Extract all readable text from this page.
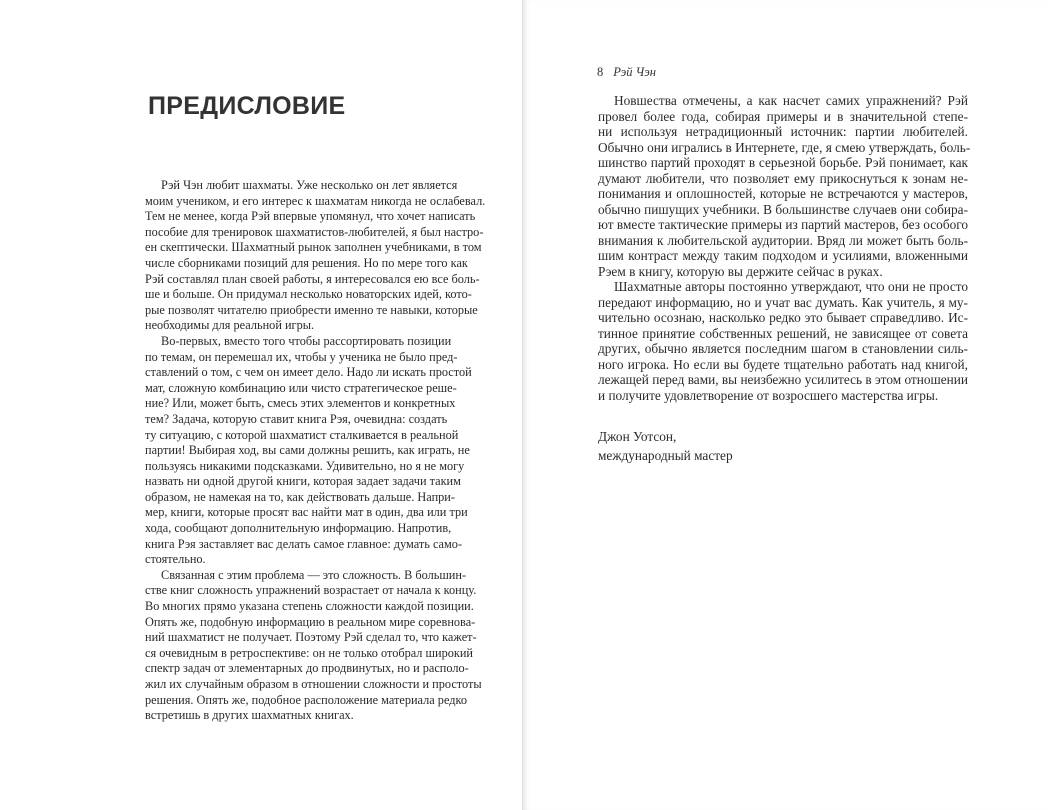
ПРЕДИСЛОВИЕ
Рэй Чэн любит шахматы. Уже несколько он лет является
моим учеником, и его интерес к шахматам никогда не ослабевал.
Тем не менее, когда Рэй впервые упомянул, что хочет написать
пособие для тренировок шахматистов-любителей, я был настро-
ен скептически. Шахматный рынок заполнен учебниками, в том
числе сборниками позиций для решения. Но по мере того как
Рэй составлял план своей работы, я интересовался ею все боль-
ше и больше. Он придумал несколько новаторских идей, кото-
рые позволят читателю приобрести именно те навыки, которые
необходимы для реальной игры.
Во-первых, вместо того чтобы рассортировать позиции
по темам, он перемешал их, чтобы у ученика не было пред-
ставлений о том, с чем он имеет дело. Надо ли искать простой
мат, сложную комбинацию или чисто стратегическое реше-
ние? Или, может быть, смесь этих элементов и конкретных
тем? Задача, которую ставит книга Рэя, очевидна: создать
ту ситуацию, с которой шахматист сталкивается в реальной
партии! Выбирая ход, вы сами должны решить, как играть, не
пользуясь никакими подсказками. Удивительно, но я не могу
назвать ни одной другой книги, которая задает задачи таким
образом, не намекая на то, как действовать дальше. Напри-
мер, книги, которые просят вас найти мат в один, два или три
хода, сообщают дополнительную информацию. Напротив,
книга Рэя заставляет вас делать самое главное: думать само-
стоятельно.
Связанная с этим проблема — это сложность. В большин-
стве книг сложность упражнений возрастает от начала к концу.
Во многих прямо указана степень сложности каждой позиции.
Опять же, подобную информацию в реальном мире соревнова-
ний шахматист не получает. Поэтому Рэй сделал то, что кажет-
ся очевидным в ретроспективе: он не только отобрал широкий
спектр задач от элементарных до продвинутых, но и располо-
жил их случайным образом в отношении сложности и простоты
решения. Опять же, подобное расположение материала редко
встретишь в других шахматных книгах.
8 Рэй Чэн
Новшества отмечены, а как насчет самих упражнений? Рэй
провел более года, собирая примеры и в значительной степе-
ни используя нетрадиционный источник: партии любителей.
Обычно они игрались в Интернете, где, я смею утверждать, боль-
шинство партий проходят в серьезной борьбе. Рэй понимает, как
думают любители, что позволяет ему прикоснуться к зонам не-
понимания и оплошностей, которые не встречаются у мастеров,
обычно пишущих учебники. В большинстве случаев они собира-
ют вместе тактические примеры из партий мастеров, без особого
внимания к любительской аудитории. Вряд ли может быть боль-
шим контраст между таким подходом и усилиями, вложенными
Рэем в книгу, которую вы держите сейчас в руках.
Шахматные авторы постоянно утверждают, что они не просто
передают информацию, но и учат вас думать. Как учитель, я му-
чительно осознаю, насколько редко это бывает справедливо. Ис-
тинное принятие собственных решений, не зависящее от совета
других, обычно является последним шагом в становлении силь-
ного игрока. Но если вы будете тщательно работать над книгой,
лежащей перед вами, вы неизбежно усилитесь в этом отношении
и получите удовлетворение от возросшего мастерства игры.
Джон Уотсон,
международный мастер
